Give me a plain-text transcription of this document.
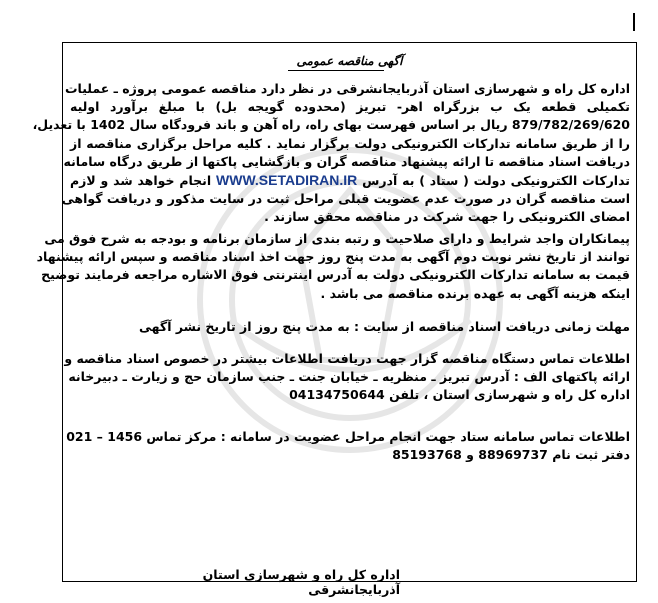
آگهی مناقصه عمومی
اداره کل راه و شهرسازی استان آذربایجانشرقی در نظر دارد مناقصه عمومی پروژه ـ عملیات
تکمیلی قطعه یک ب بزرگراه اهر- تبریز (محدوده گویجه بل) با مبلغ برآورد اولیه
879/782/269/620 ریال بر اساس فهرست بهای راه، راه آهن و باند فرودگاه سال 1402 با تعدیل،
را از طریق سامانه تدارکات الکترونیکی دولت برگزار نماید . کلیه مراحل برگزاری مناقصه از
دریافت اسناد مناقصه تا ارائه پیشنهاد مناقصه گران و بازگشایی پاکتها از طریق درگاه سامانه
تدارکات الکترونیکی دولت ( ستاد ) به آدرس WWW.SETADIRAN.IR انجام خواهد شد و لازم
است مناقصه گران در صورت عدم عضویت قبلی مراحل ثبت در سایت مذکور و دریافت گواهی
امضای الکترونیکی را جهت شرکت در مناقصه محقق سازند .
پیمانکاران واجد شرایط و دارای صلاحیت و رتبه بندی از سازمان برنامه و بودجه به شرح فوق می
توانند از تاریخ نشر نوبت دوم آگهی به مدت پنج روز جهت اخذ اسناد مناقصه و سپس ارائه پیشنهاد
قیمت به سامانه تدارکات الکترونیکی دولت به آدرس اینترنتی فوق الاشاره مراجعه فرمایند توضیح
اینکه هزینه آگهی به عهده برنده مناقصه می باشد .
مهلت زمانی دریافت اسناد مناقصه از سایت : به مدت پنج روز از تاریخ نشر آگهی
اطلاعات تماس دستگاه مناقصه گزار جهت دریافت اطلاعات بیشتر در خصوص اسناد مناقصه و
ارائه پاکتهای الف : آدرس تبریز ـ منظریه ـ خیابان جنت ـ جنب سازمان حج و زیارت ـ دبیرخانه
اداره کل راه و شهرسازی استان ، تلفن 04134750644
اطلاعات تماس سامانه ستاد جهت انجام مراحل عضویت در سامانه : مرکز تماس 1456 – 021
دفتر ثبت نام 88969737 و 85193768
اداره کل راه و شهرسازی استان آذربایجانشرقی
